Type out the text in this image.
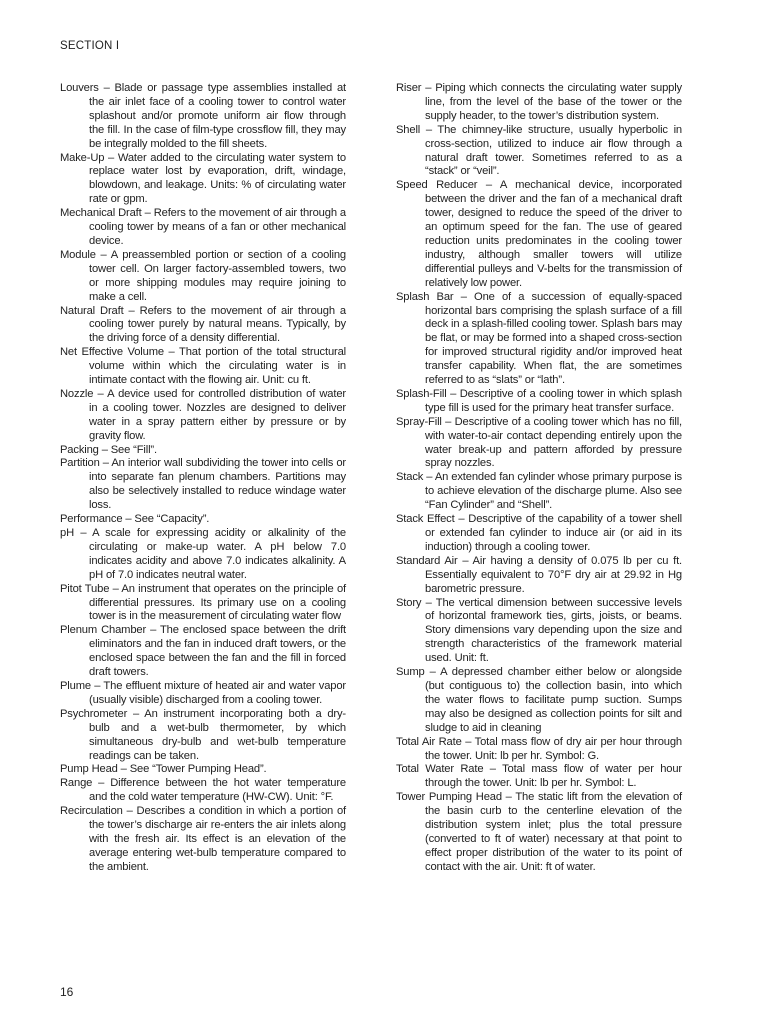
SECTION I

Louvers – Blade or passage type assemblies installed at the air inlet face of a cooling tower to control water splashout and/or promote uniform air flow through the fill. In the case of film-type crossflow fill, they may be integrally molded to the fill sheets.

Make-Up – Water added to the circulating water system to replace water lost by evaporation, drift, windage, blowdown, and leakage. Units: % of circulating water rate or gpm.

Mechanical Draft – Refers to the movement of air through a cooling tower by means of a fan or other mechanical device.

Module – A preassembled portion or section of a cooling tower cell. On larger factory-assembled towers, two or more shipping modules may require joining to make a cell.

Natural Draft – Refers to the movement of air through a cooling tower purely by natural means. Typically, by the driving force of a density differential.

Net Effective Volume – That portion of the total structural volume within which the circulating water is in intimate contact with the flowing air. Unit: cu ft.

Nozzle – A device used for controlled distribution of water in a cooling tower. Nozzles are designed to deliver water in a spray pattern either by pressure or by gravity flow.

Packing – See “Fill”.

Partition – An interior wall subdividing the tower into cells or into separate fan plenum chambers. Partitions may also be selectively installed to reduce windage water loss.

Performance – See “Capacity”.

pH – A scale for expressing acidity or alkalinity of the circulating or make-up water. A pH below 7.0 indicates acidity and above 7.0 indicates alkalinity. A pH of 7.0 indicates neutral water.

Pitot Tube – An instrument that operates on the principle of differential pressures. Its primary use on a cooling tower is in the measurement of circulating water flow

Plenum Chamber – The enclosed space between the drift eliminators and the fan in induced draft towers, or the enclosed space between the fan and the fill in forced draft towers.

Plume – The effluent mixture of heated air and water vapor (usually visible) discharged from a cooling tower.

Psychrometer – An instrument incorporating both a dry-bulb and a wet-bulb thermometer, by which simultaneous dry-bulb and wet-bulb temperature readings can be taken.

Pump Head – See “Tower Pumping Head”.

Range – Difference between the hot water temperature and the cold water temperature (HW-CW). Unit: °F.

Recirculation – Describes a condition in which a portion of the tower’s discharge air re-enters the air inlets along with the fresh air. Its effect is an elevation of the average entering wet-bulb temperature compared to the ambient.

Riser – Piping which connects the circulating water supply line, from the level of the base of the tower or the supply header, to the tower’s distribution system.

Shell – The chimney-like structure, usually hyperbolic in cross-section, utilized to induce air flow through a natural draft tower. Sometimes referred to as a “stack” or “veil”.

Speed Reducer – A mechanical device, incorporated between the driver and the fan of a mechanical draft tower, designed to reduce the speed of the driver to an optimum speed for the fan. The use of geared reduction units predominates in the cooling tower industry, although smaller towers will utilize differential pulleys and V-belts for the transmission of relatively low power.

Splash Bar – One of a succession of equally-spaced horizontal bars comprising the splash surface of a fill deck in a splash-filled cooling tower. Splash bars may be flat, or may be formed into a shaped cross-section for improved structural rigidity and/or improved heat transfer capability. When flat, the are sometimes referred to as “slats” or “lath”.

Splash-Fill – Descriptive of a cooling tower in which splash type fill is used for the primary heat transfer surface.

Spray-Fill – Descriptive of a cooling tower which has no fill, with water-to-air contact depending entirely upon the water break-up and pattern afforded by pressure spray nozzles.

Stack – An extended fan cylinder whose primary purpose is to achieve elevation of the discharge plume. Also see “Fan Cylinder” and “Shell”.

Stack Effect – Descriptive of the capability of a tower shell or extended fan cylinder to induce air (or aid in its induction) through a cooling tower.

Standard Air – Air having a density of 0.075 lb per cu ft. Essentially equivalent to 70°F dry air at 29.92 in Hg barometric pressure.

Story – The vertical dimension between successive levels of horizontal framework ties, girts, joists, or beams. Story dimensions vary depending upon the size and strength characteristics of the framework material used. Unit: ft.

Sump – A depressed chamber either below or alongside (but contiguous to) the collection basin, into which the water flows to facilitate pump suction. Sumps may also be designed as collection points for silt and sludge to aid in cleaning

Total Air Rate – Total mass flow of dry air per hour through the tower. Unit: lb per hr. Symbol: G.

Total Water Rate – Total mass flow of water per hour through the tower. Unit: lb per hr. Symbol: L.

Tower Pumping Head – The static lift from the elevation of the basin curb to the centerline elevation of the distribution system inlet; plus the total pressure (converted to ft of water) necessary at that point to effect proper distribution of the water to its point of contact with the air. Unit: ft of water.

16
